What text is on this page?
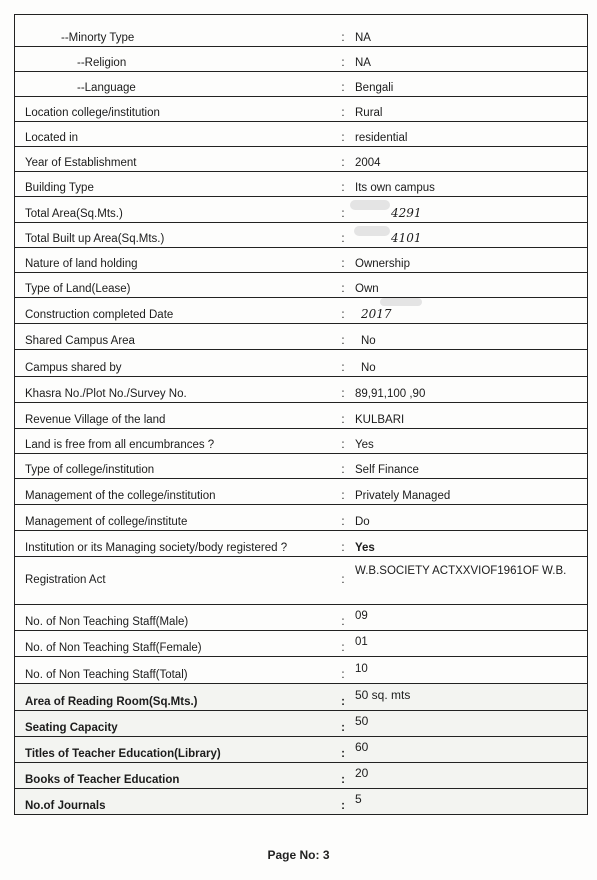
--Minorty Type	: NA
--Religion	: NA
--Language	: Bengali
Location college/institution	: Rural
Located in	: residential
Year of Establishment	: 2004
Building Type	: Its own campus
Total Area(Sq.Mts.)	:	4291
Total Built up Area(Sq.Mts.)	:	4101
Nature of land holding	: Ownership
Type of Land(Lease)	: Own
Construction completed Date	:	2017
Shared Campus Area	:	No
Campus shared by	:	No
Khasra No./Plot No./Survey No.	: 89,91,100 ,90
Revenue Village of the land	: KULBARI
Land is free from all encumbrances ?	: Yes
Type of college/institution	: Self Finance
Management of the college/institution	: Privately Managed
Management of college/institute	: Do
Institution or its Managing society/body registered ?	: Yes
Registration Act	:
W.B.SOCIETY ACTXXVIOF1961OF W.B.
No. of Non Teaching Staff(Male)	: 09
No. of Non Teaching Staff(Female)	: 01
No. of Non Teaching Staff(Total)	: 10
Area of Reading Room(Sq.Mts.)	: 50 sq. mts
Seating Capacity	: 50
Titles of Teacher Education(Library)	: 60
Books of Teacher Education	: 20
No.of Journals	: 5
Page No: 3
